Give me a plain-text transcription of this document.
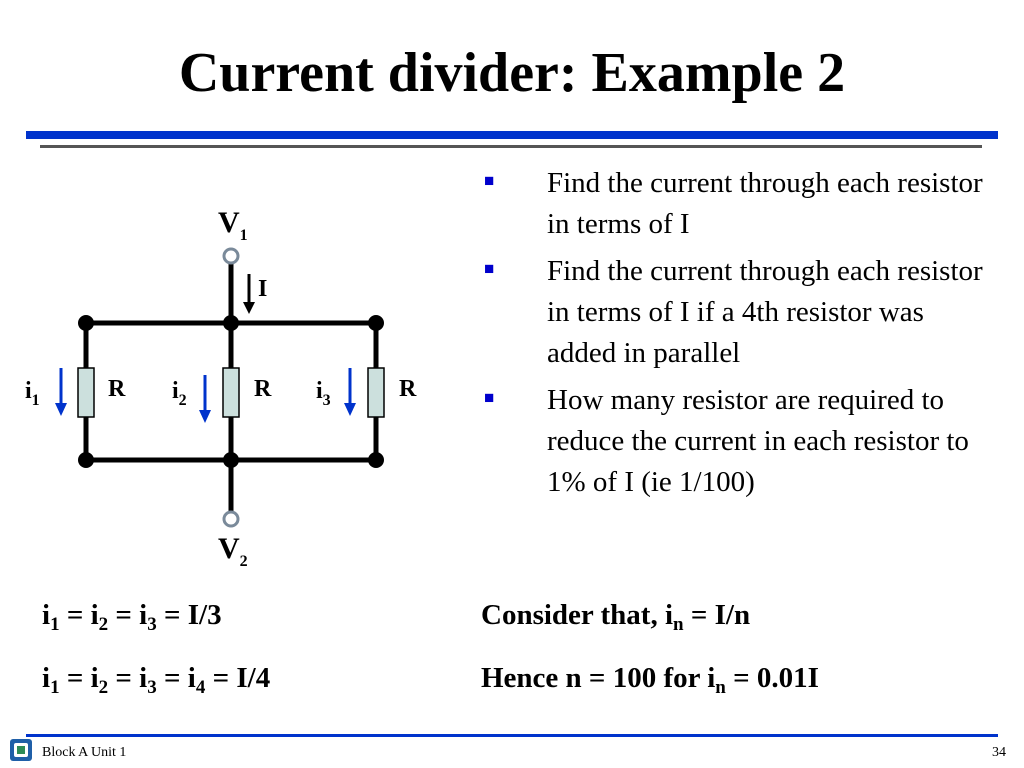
Current divider: Example 2
$V_1$
$V_2$
I
$i_1$	R $i_2$	R $i_3$	R
■ Find the current through each resistor in terms of I
■ Find the current through each resistor in terms of I if a 4th resistor was added in parallel
■ How many resistor are required to reduce the current in each resistor to 1% of I (ie 1/100)
$i_1 = i_2 = i_3 = I/3$
$i_1 = i_2 = i_3 = i_4 = I/4$
Consider that, $i_n = I/n$
Hence n = 100 for $i_n = 0.01I$
Block A Unit 1	34
